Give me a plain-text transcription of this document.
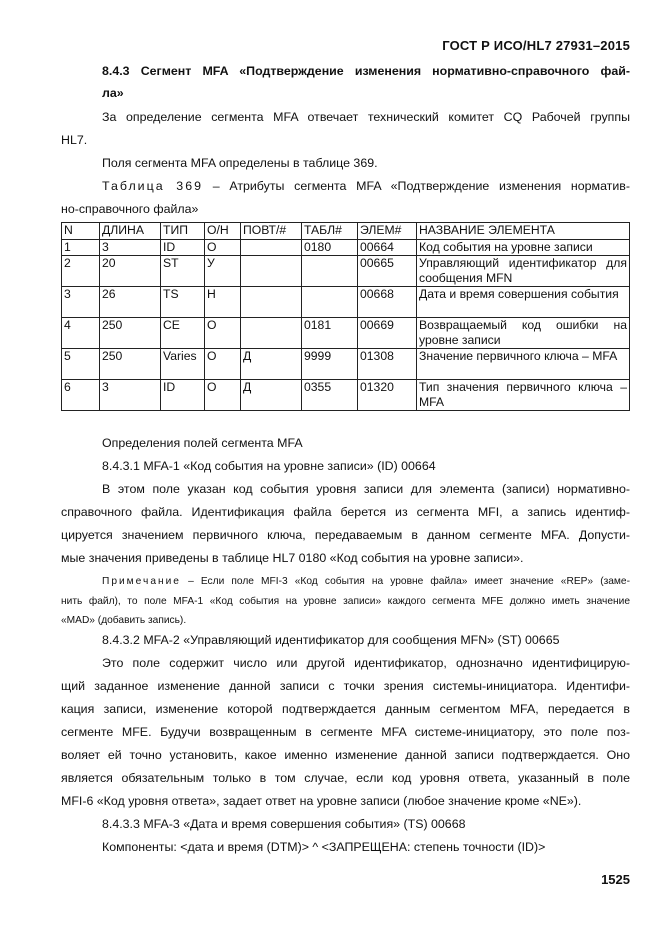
ГОСТ Р ИСО/HL7 27931–2015
8.4.3 Сегмент MFA «Подтверждение изменения нормативно-справочного фай-
ла»
За определение сегмента MFA отвечает технический комитет CQ Рабочей группы
HL7.
Поля сегмента MFA определены в таблице 369.
Таблица 369 – Атрибуты сегмента MFA «Подтверждение изменения норматив-
но-справочного файла»
N	ДЛИНА	ТИП	О/Н	ПОВТ/#	ТАБЛ#	ЭЛЕМ#	НАЗВАНИЕ ЭЛЕМЕНТА
1	3	ID	О		0180	00664	Код события на уровне записи
2	20	ST	У			00665	Управляющий идентификатор для сообщения MFN
3	26	TS	Н			00668	Дата и время совершения события
4	250	CE	О		0181	00669	Возвращаемый код ошибки на уровне записи
5	250	Varies	О	Д	9999	01308	Значение первичного ключа – MFA
6	3	ID	О	Д	0355	01320	Тип значения первичного ключа – MFA
Определения полей сегмента MFA
8.4.3.1 MFA-1 «Код события на уровне записи» (ID) 00664
В этом поле указан код события уровня записи для элемента (записи) нормативно-
справочного файла. Идентификация файла берется из сегмента MFI, а запись идентиф-
цируется значением первичного ключа, передаваемым в данном сегменте MFA. Допусти-
мые значения приведены в таблице HL7 0180 «Код события на уровне записи».
Примечание – Если поле MFI-3 «Код события на уровне файла» имеет значение «REP» (заме-
нить файл), то поле MFA-1 «Код события на уровне записи» каждого сегмента MFE должно иметь значение
«MAD» (добавить запись).
8.4.3.2 MFA-2 «Управляющий идентификатор для сообщения MFN» (ST) 00665
Это поле содержит число или другой идентификатор, однозначно идентифицирую-
щий заданное изменение данной записи с точки зрения системы-инициатора. Идентифи-
кация записи, изменение которой подтверждается данным сегментом MFA, передается в
сегменте MFE. Будучи возвращенным в сегменте MFA системе-инициатору, это поле поз-
воляет ей точно установить, какое именно изменение данной записи подтверждается. Оно
является обязательным только в том случае, если код уровня ответа, указанный в поле
MFI-6 «Код уровня ответа», задает ответ на уровне записи (любое значение кроме «NE»).
8.4.3.3 MFA-3 «Дата и время совершения события» (TS) 00668
Компоненты: <дата и время (DTM)> ^ <ЗАПРЕЩЕНА: степень точности (ID)>
1525
